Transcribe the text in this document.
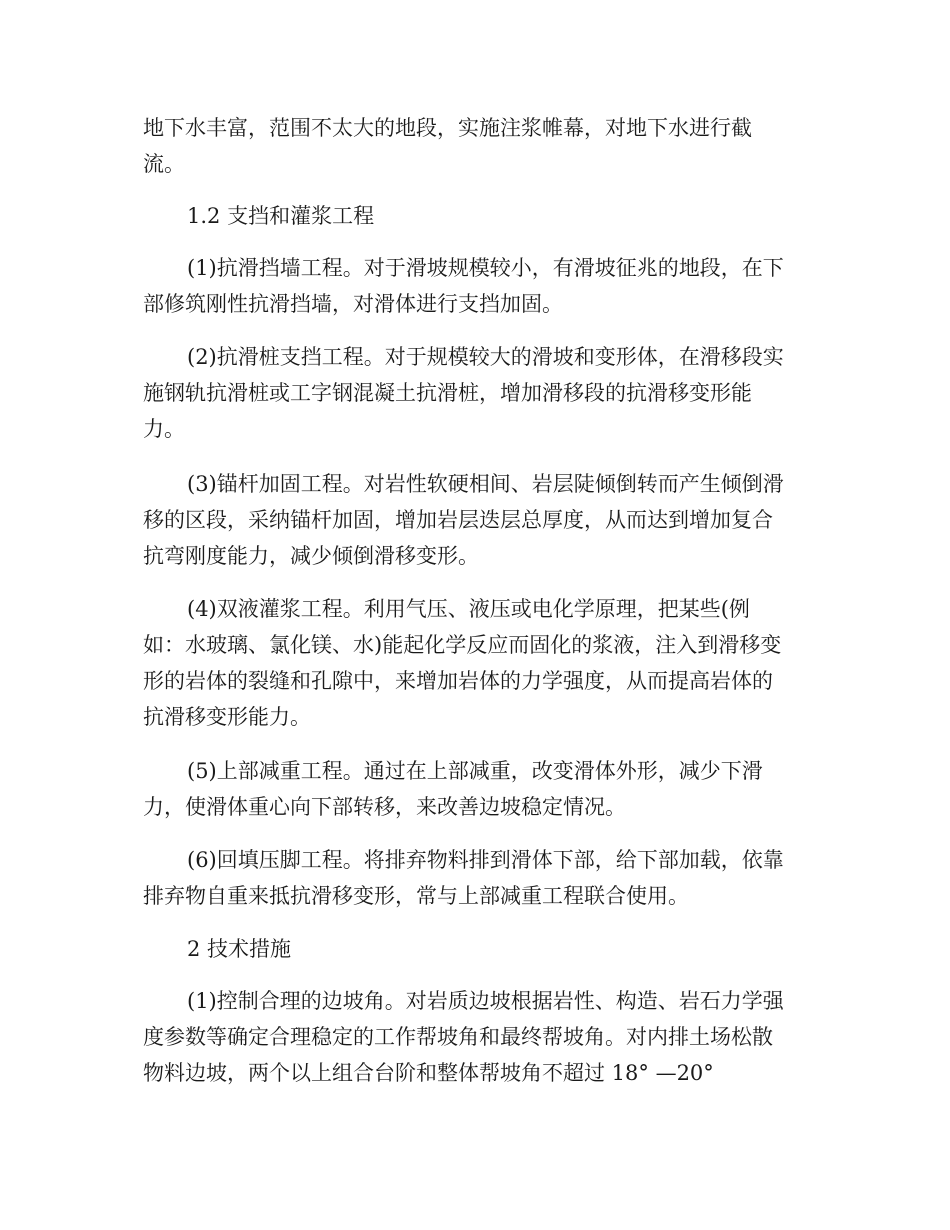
地下水丰富，范围不太大的地段，实施注浆帷幕，对地下水进行截
流。
1.2 支挡和灌浆工程
(1)抗滑挡墙工程。对于滑坡规模较小，有滑坡征兆的地段，在下
部修筑刚性抗滑挡墙，对滑体进行支挡加固。
(2)抗滑桩支挡工程。对于规模较大的滑坡和变形体，在滑移段实
施钢轨抗滑桩或工字钢混凝土抗滑桩，增加滑移段的抗滑移变形能
力。
(3)锚杆加固工程。对岩性软硬相间、岩层陡倾倒转而产生倾倒滑
移的区段，采纳锚杆加固，增加岩层迭层总厚度，从而达到增加复合
抗弯刚度能力，减少倾倒滑移变形。
(4)双液灌浆工程。利用气压、液压或电化学原理，把某些(例
如：水玻璃、氯化镁、水)能起化学反应而固化的浆液，注入到滑移变
形的岩体的裂缝和孔隙中，来增加岩体的力学强度，从而提高岩体的
抗滑移变形能力。
(5)上部减重工程。通过在上部减重，改变滑体外形，减少下滑
力，使滑体重心向下部转移，来改善边坡稳定情况。
(6)回填压脚工程。将排弃物料排到滑体下部，给下部加载，依靠
排弃物自重来抵抗滑移变形，常与上部减重工程联合使用。
2 技术措施
(1)控制合理的边坡角。对岩质边坡根据岩性、构造、岩石力学强
度参数等确定合理稳定的工作帮坡角和最终帮坡角。对内排土场松散
物料边坡，两个以上组合台阶和整体帮坡角不超过 18° —20°
